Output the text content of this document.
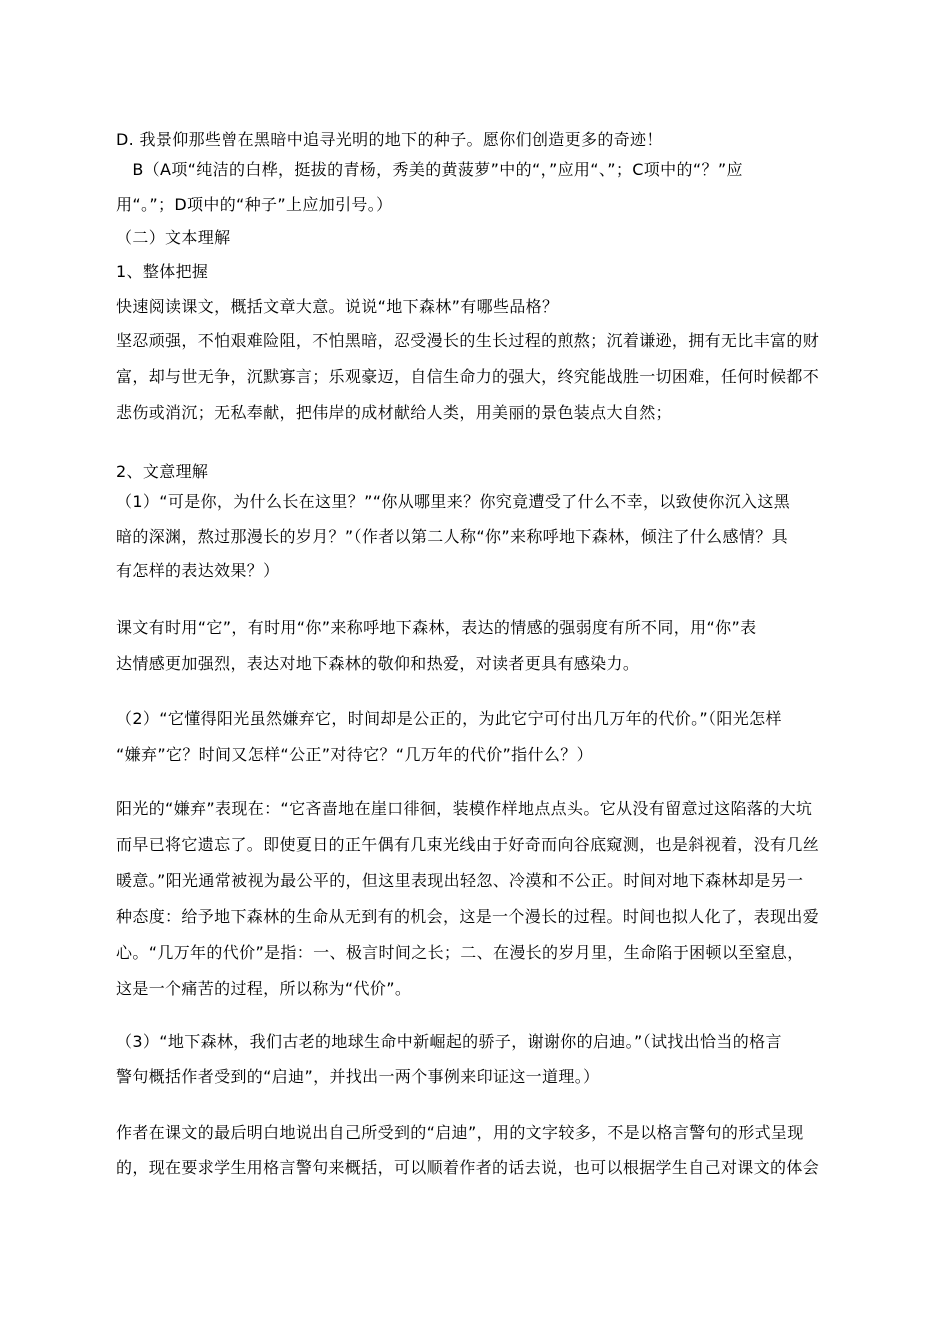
D. 我景仰那些曾在黑暗中追寻光明的地下的种子。愿你们创造更多的奇迹！
　B（A项“纯洁的白桦，挺拔的青杨，秀美的黄菠萝”中的“，”应用“、”；C项中的“？”应
用“。”；D项中的“种子”上应加引号。）
（二）文本理解
1、整体把握
快速阅读课文，概括文章大意。说说“地下森林”有哪些品格？
坚忍顽强，不怕艰难险阻，不怕黑暗，忍受漫长的生长过程的煎熬；沉着谦逊，拥有无比丰富的财
富，却与世无争，沉默寡言；乐观豪迈，自信生命力的强大，终究能战胜一切困难，任何时候都不
悲伤或消沉；无私奉献，把伟岸的成材献给人类，用美丽的景色装点大自然；
2、文意理解
（1）“可是你，为什么长在这里？”“你从哪里来？你究竟遭受了什么不幸，以致使你沉入这黑
暗的深渊，熬过那漫长的岁月？”（作者以第二人称“你”来称呼地下森林，倾注了什么感情？具
有怎样的表达效果？）
课文有时用“它”，有时用“你”来称呼地下森林，表达的情感的强弱度有所不同，用“你”表
达情感更加强烈，表达对地下森林的敬仰和热爱，对读者更具有感染力。
（2）“它懂得阳光虽然嫌弃它，时间却是公正的，为此它宁可付出几万年的代价。”（阳光怎样
“嫌弃”它？时间又怎样“公正”对待它？“几万年的代价”指什么？）
阳光的“嫌弃”表现在：“它吝啬地在崖口徘徊，装模作样地点点头。它从没有留意过这陷落的大坑
而早已将它遗忘了。即使夏日的正午偶有几束光线由于好奇而向谷底窥测，也是斜视着，没有几丝
暖意。”阳光通常被视为最公平的，但这里表现出轻忽、冷漠和不公正。时间对地下森林却是另一
种态度：给予地下森林的生命从无到有的机会，这是一个漫长的过程。时间也拟人化了，表现出爱
心。“几万年的代价”是指：一、极言时间之长；二、在漫长的岁月里，生命陷于困顿以至窒息，
这是一个痛苦的过程，所以称为“代价”。
（3）“地下森林，我们古老的地球生命中新崛起的骄子，谢谢你的启迪。”（试找出恰当的格言
警句概括作者受到的“启迪”，并找出一两个事例来印证这一道理。）
作者在课文的最后明白地说出自己所受到的“启迪”，用的文字较多，不是以格言警句的形式呈现
的，现在要求学生用格言警句来概括，可以顺着作者的话去说，也可以根据学生自己对课文的体会
